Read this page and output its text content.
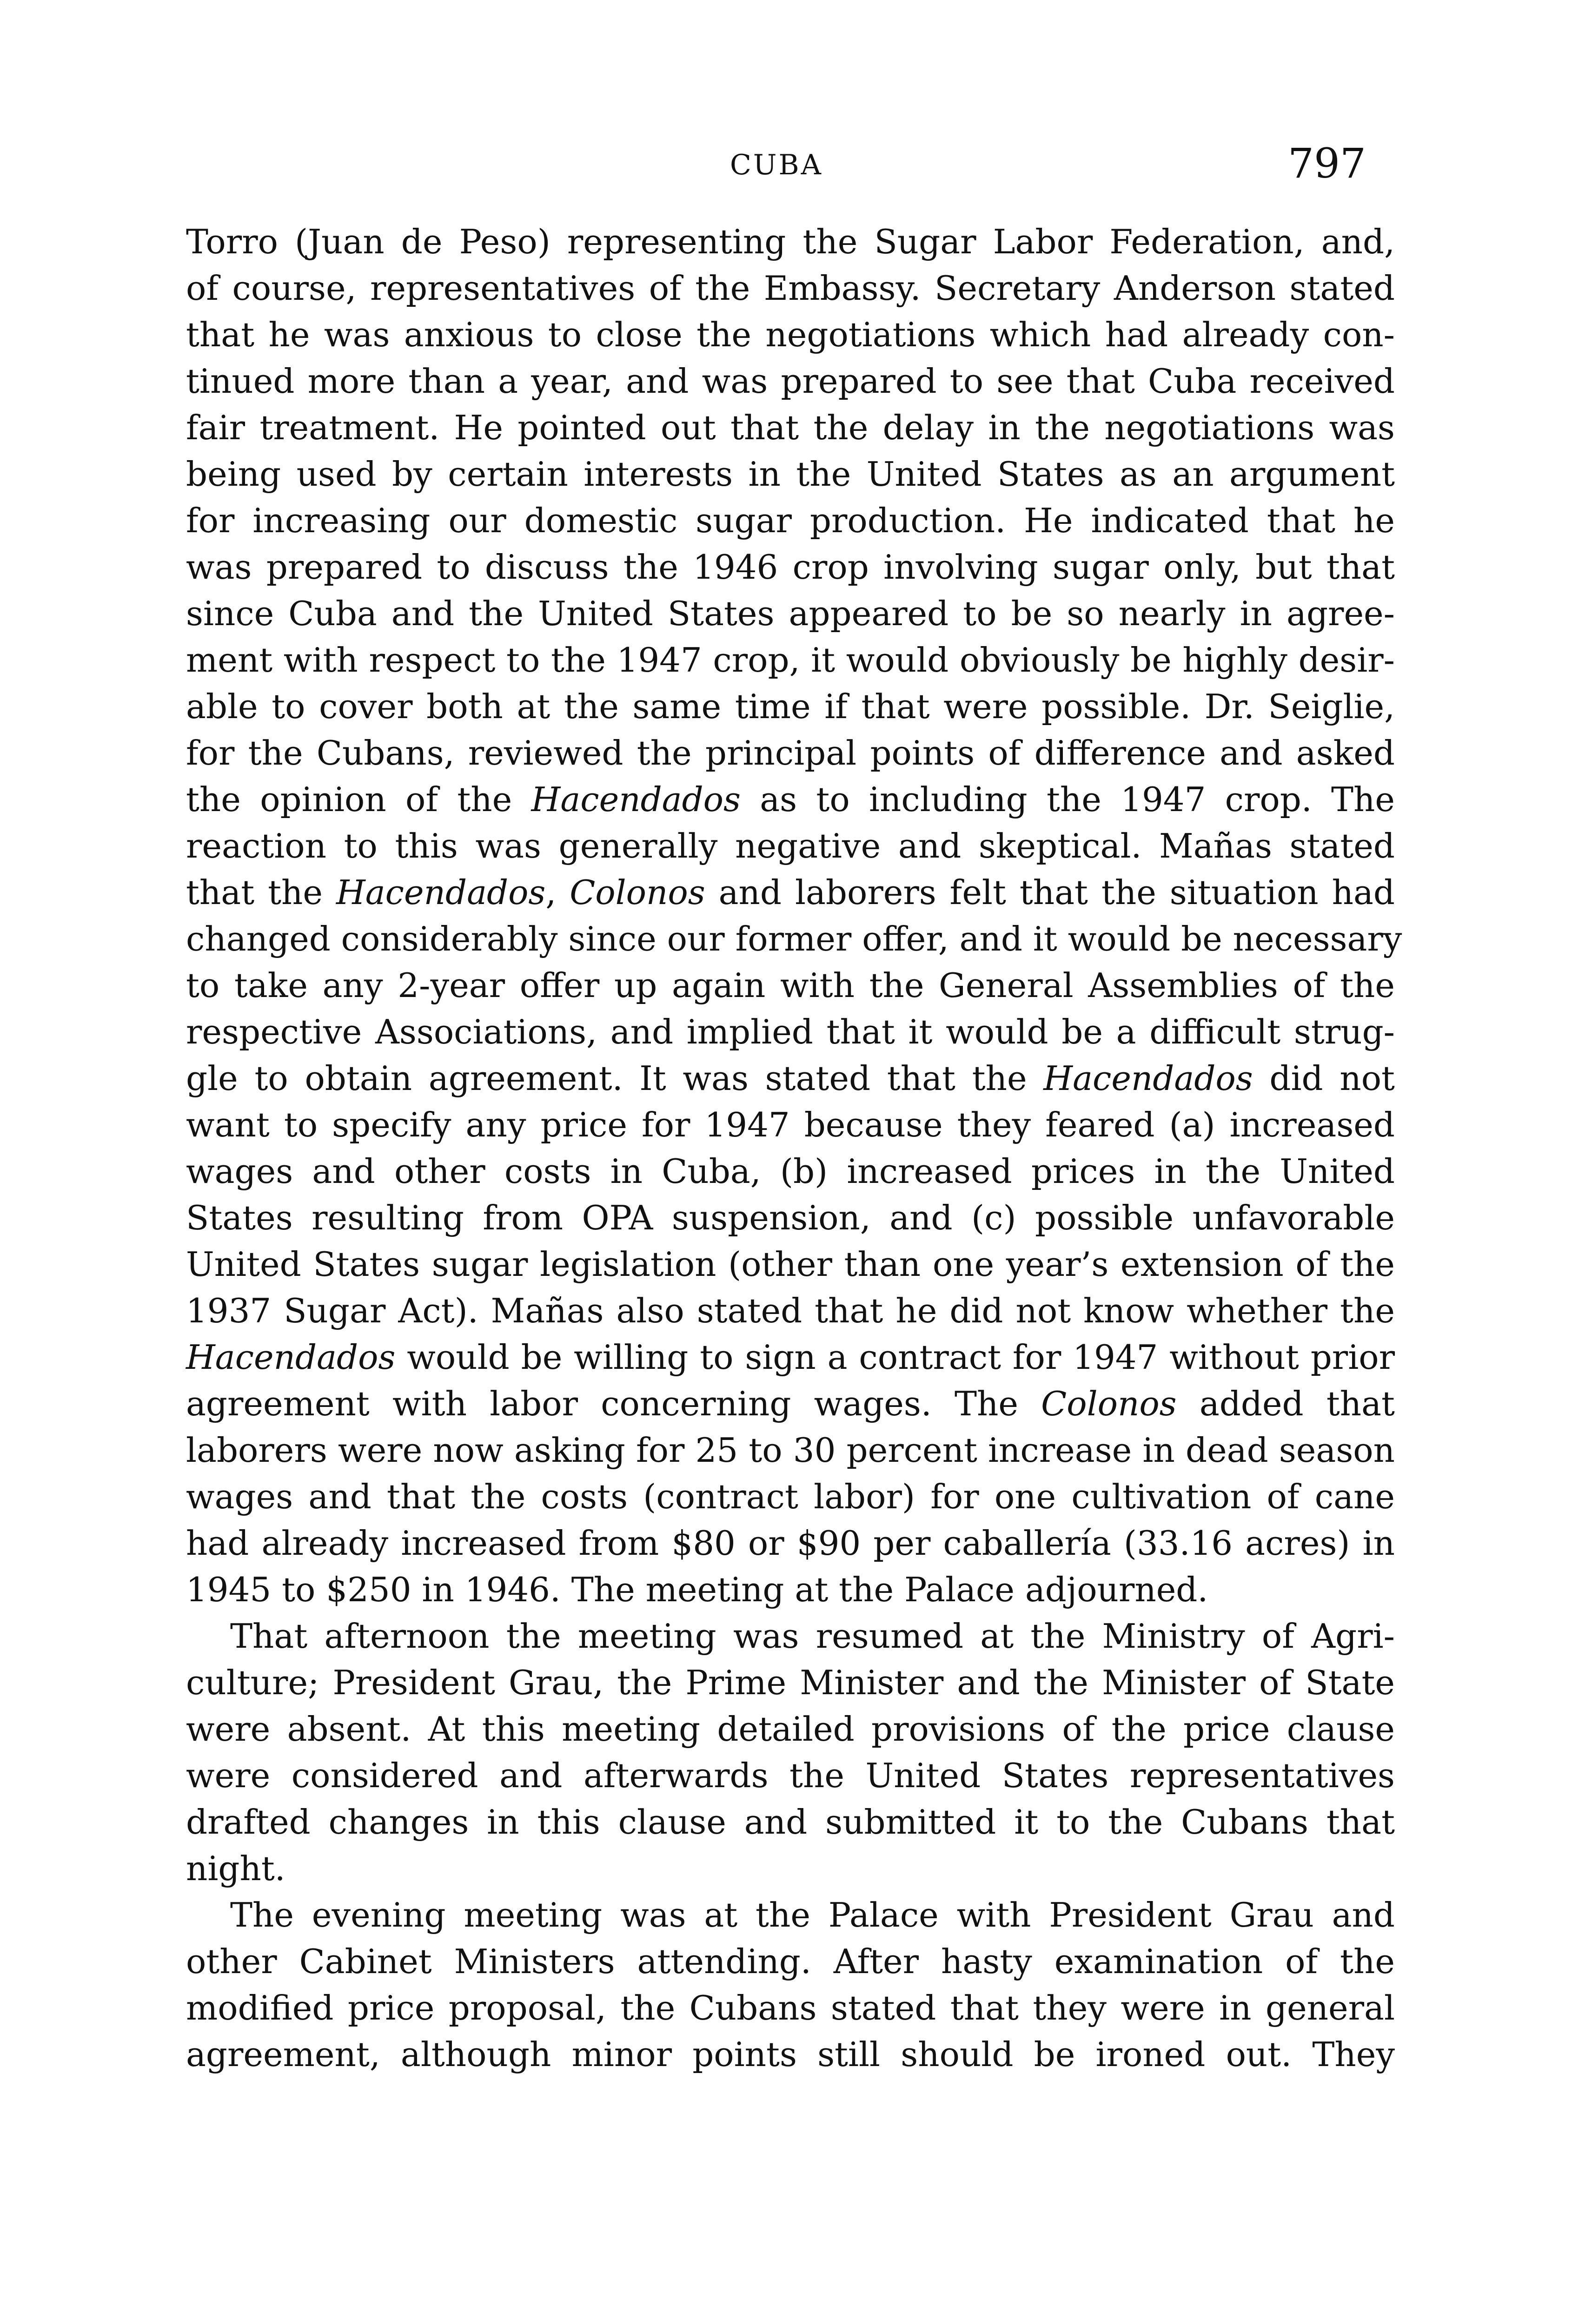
CUBA	797
Torro (Juan de Peso) representing the Sugar Labor Federation, and,
of course, representatives of the Embassy. Secretary Anderson stated
that he was anxious to close the negotiations which had already con-
tinued more than a year, and was prepared to see that Cuba received
fair treatment. He pointed out that the delay in the negotiations was
being used by certain interests in the United States as an argument
for increasing our domestic sugar production. He indicated that he
was prepared to discuss the 1946 crop involving sugar only, but that
since Cuba and the United States appeared to be so nearly in agree-
ment with respect to the 1947 crop, it would obviously be highly desir-
able to cover both at the same time if that were possible. Dr. Seiglie,
for the Cubans, reviewed the principal points of difference and asked
the opinion of the Hacendados as to including the 1947 crop. The
reaction to this was generally negative and skeptical. Mañas stated
that the Hacendados, Colonos and laborers felt that the situation had
changed considerably since our former offer, and it would be necessary
to take any 2-year offer up again with the General Assemblies of the
respective Associations, and implied that it would be a difficult strug-
gle to obtain agreement. It was stated that the Hacendados did not
want to specify any price for 1947 because they feared (a) increased
wages and other costs in Cuba, (b) increased prices in the United
States resulting from OPA suspension, and (c) possible unfavorable
United States sugar legislation (other than one year’s extension of the
1937 Sugar Act). Mañas also stated that he did not know whether the
Hacendados would be willing to sign a contract for 1947 without prior
agreement with labor concerning wages. The Colonos added that
laborers were now asking for 25 to 30 percent increase in dead season
wages and that the costs (contract labor) for one cultivation of cane
had already increased from $80 or $90 per caballería (33.16 acres) in
1945 to $250 in 1946. The meeting at the Palace adjourned.
That afternoon the meeting was resumed at the Ministry of Agri-
culture; President Grau, the Prime Minister and the Minister of State
were absent. At this meeting detailed provisions of the price clause
were considered and afterwards the United States representatives
drafted changes in this clause and submitted it to the Cubans that
night.
The evening meeting was at the Palace with President Grau and
other Cabinet Ministers attending. After hasty examination of the
modified price proposal, the Cubans stated that they were in general
agreement, although minor points still should be ironed out. They
